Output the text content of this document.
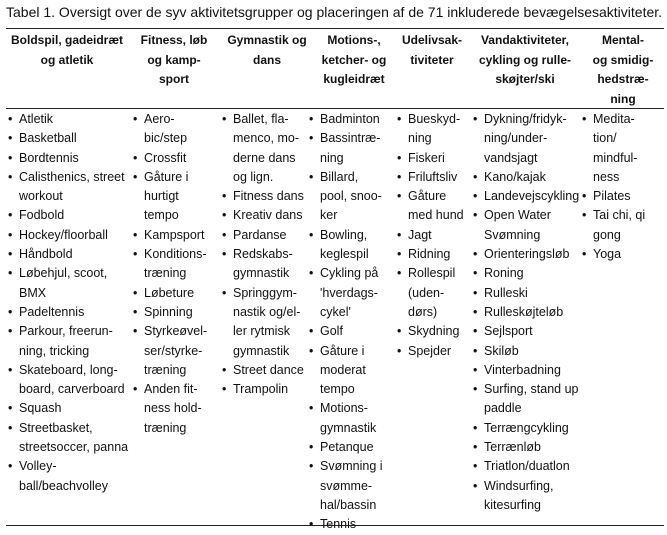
Tabel 1. Oversigt over de syv aktivitetsgrupper og placeringen af de 71 inkluderede bevægelsesaktiviteter.
Boldspil, gadeidræt
og atletik
• Atletik
• Basketball
• Bordtennis
• Calisthenics, street
workout
• Fodbold
• Hockey/floorball
• Håndbold
• Løbehjul, scoot,
BMX
• Padeltennis
• Parkour, freerun-
ning, tricking
• Skateboard, long-
board, carverboard
• Squash
• Streetbasket,
streetsoccer, panna
• Volley-
ball/beachvolley
Fitness, løb
og kamp-
sport
• Aero-
bic/step
• Crossfit
• Gåture i
hurtigt
tempo
• Kampsport
• Konditions-
træning
• Løbeture
• Spinning
• Styrkeøvel-
ser/styrke-
træning
• Anden fit-
ness hold-
træning
Gymnastik og
dans
• Ballet, fla-
menco, mo-
derne dans
og lign.
• Fitness dans
• Kreativ dans
• Pardanse
• Redskabs-
gymnastik
• Springgym-
nastik og/el-
ler rytmisk
gymnastik
• Street dance
• Trampolin
Motions-,
ketcher- og
kugleidræt
• Badminton
• Bassintræ-
ning
• Billard,
pool, snoo-
ker
• Bowling,
keglespil
• Cykling på
'hverdags-
cykel'
• Golf
• Gåture i
moderat
tempo
• Motions-
gymnastik
• Petanque
• Svømning i
svømme-
hal/bassin
• Tennis
Udelivsak-
tiviteter
• Bueskyd-
ning
• Fiskeri
• Friluftsliv
• Gåture
med hund
• Jagt
• Ridning
• Rollespil
(uden-
dørs)
• Skydning
• Spejder
Vandaktiviteter,
cykling og rulle-
skøjter/ski
• Dykning/fridyk-
ning/under-
vandsjagt
• Kano/kajak
• Landevejscykling
• Open Water
Svømning
• Orienteringsløb
• Roning
• Rulleski
• Rulleskøjteløb
• Sejlsport
• Skiløb
• Vinterbadning
• Surfing, stand up
paddle
• Terrængcykling
• Terrænløb
• Triatlon/duatlon
• Windsurfing,
kitesurfing
Mental-
og smidig-
hedstræ-
ning
• Medita-
tion/
mindful-
ness
• Pilates
• Tai chi, qi
gong
• Yoga
